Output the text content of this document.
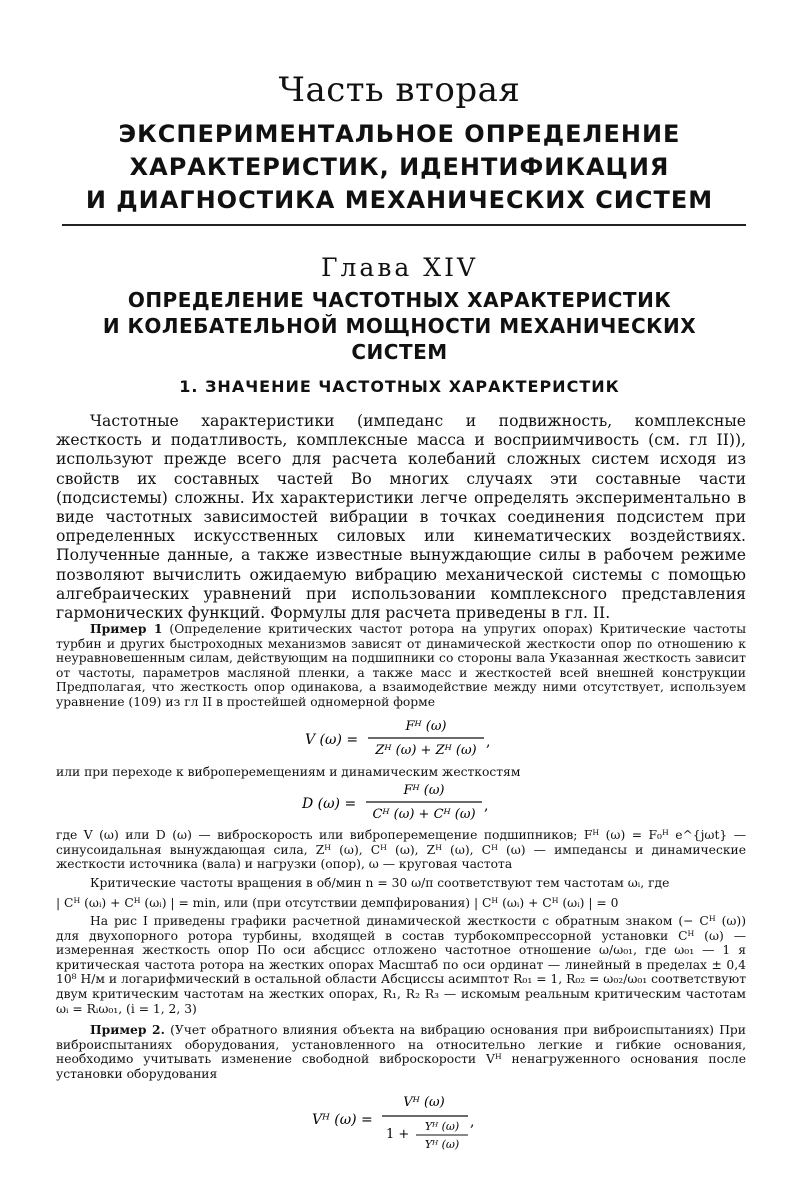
Часть вторая
ЭКСПЕРИМЕНТАЛЬНОЕ ОПРЕДЕЛЕНИЕ
ХАРАКТЕРИСТИК, ИДЕНТИФИКАЦИЯ
И ДИАГНОСТИКА МЕХАНИЧЕСКИХ СИСТЕМ
Глава XIV
ОПРЕДЕЛЕНИЕ ЧАСТОТНЫХ ХАРАКТЕРИСТИК
И КОЛЕБАТЕЛЬНОЙ МОЩНОСТИ МЕХАНИЧЕСКИХ
СИСТЕМ
1. ЗНАЧЕНИЕ ЧАСТОТНЫХ ХАРАКТЕРИСТИК

Частотные характеристики (импеданс и подвижность, комплексные жесткость и податливость, комплексные масса и восприимчивость (см. гл II)), используют прежде всего для расчета колебаний сложных систем исходя из свойств их составных частей Во многих случаях эти составные части (подсистемы) сложны. Их характеристики легче определять экспериментально в виде частотных зависимостей вибрации в точках соединения подсистем при определенных искусственных силовых или кинематических воздействиях. Полученные данные, а также известные вынуждающие силы в рабочем режиме позволяют вычислить ожидаемую вибрацию механической системы с помощью алгебраических уравнений при использовании комплексного представления гармонических функций. Формулы для расчета приведены в гл. II.

Пример 1 (Определение критических частот ротора на упругих опорах) Критические частоты турбин и других быстроходных механизмов зависят от динамической жесткости опор по отношению к неуравновешенным силам, действующим на подшипники со стороны вала Указанная жесткость зависит от частоты, параметров масляной пленки, а также масс и жесткостей всей внешней конструкции Предполагая, что жесткость опор одинакова, а взаимодействие между ними отсутствует, используем уравнение (109) из гл II в простейшей одномерной форме

V (ω) =
Fᴴ (ω)
Zᴴ (ω) + Zᴴ (ω)
,

или при переходе к виброперемещениям и динамическим жесткостям

D (ω) =
Fᴴ (ω)
Cᴴ (ω) + Cᴴ (ω)
,

где V (ω) или D (ω) — виброскорость или виброперемещение подшипников; Fᴴ (ω) = F₀ᴴ e^{jωt} — синусоидальная вынуждающая сила, Zᴴ (ω), Cᴴ (ω), Zᴴ (ω), Cᴴ (ω) — импедансы и динамические жесткости источника (вала) и нагрузки (опор), ω — круговая частота

Критические частоты вращения в об/мин n = 30 ω/π соответствуют тем частотам ωᵢ, где

| Cᴴ (ωᵢ) + Cᴴ (ωᵢ) | = min, или (при отсутствии демпфирования) | Cᴴ (ωᵢ) + Cᴴ (ωᵢ) | = 0

На рис I приведены графики расчетной динамической жесткости с обратным знаком (− Cᴴ (ω)) для двухопорного ротора турбины, входящей в состав турбокомпрессорной установки Cᴴ (ω) — измеренная жесткость опор По оси абсцисс отложено частотное отношение ω/ω₀₁, где ω₀₁ — 1 я критическая частота ротора на жестких опорах Масштаб по оси ординат — линейный в пределах ± 0,4 10⁸ Н/м и логарифмический в остальной области Абсциссы асимптот R₀₁ = 1, R₀₂ = ω₀₂/ω₀₁ соответствуют двум критическим частотам на жестких опорах, R₁, R₂ R₃ — искомым реальным критическим частотам ωᵢ = Rᵢω₀₁, (i = 1, 2, 3)

Пример 2. (Учет обратного влияния объекта на вибрацию основания при виброиспытаниях) При виброиспытаниях оборудования, установленного на относительно легкие и гибкие основания, необходимо учитывать изменение свободной виброскорости Vᴴ ненагруженного основания после установки оборудования

Vᴴ (ω) =
Vᴴ (ω)
1 +
Yᴴ (ω)
Yᴴ (ω)
,
